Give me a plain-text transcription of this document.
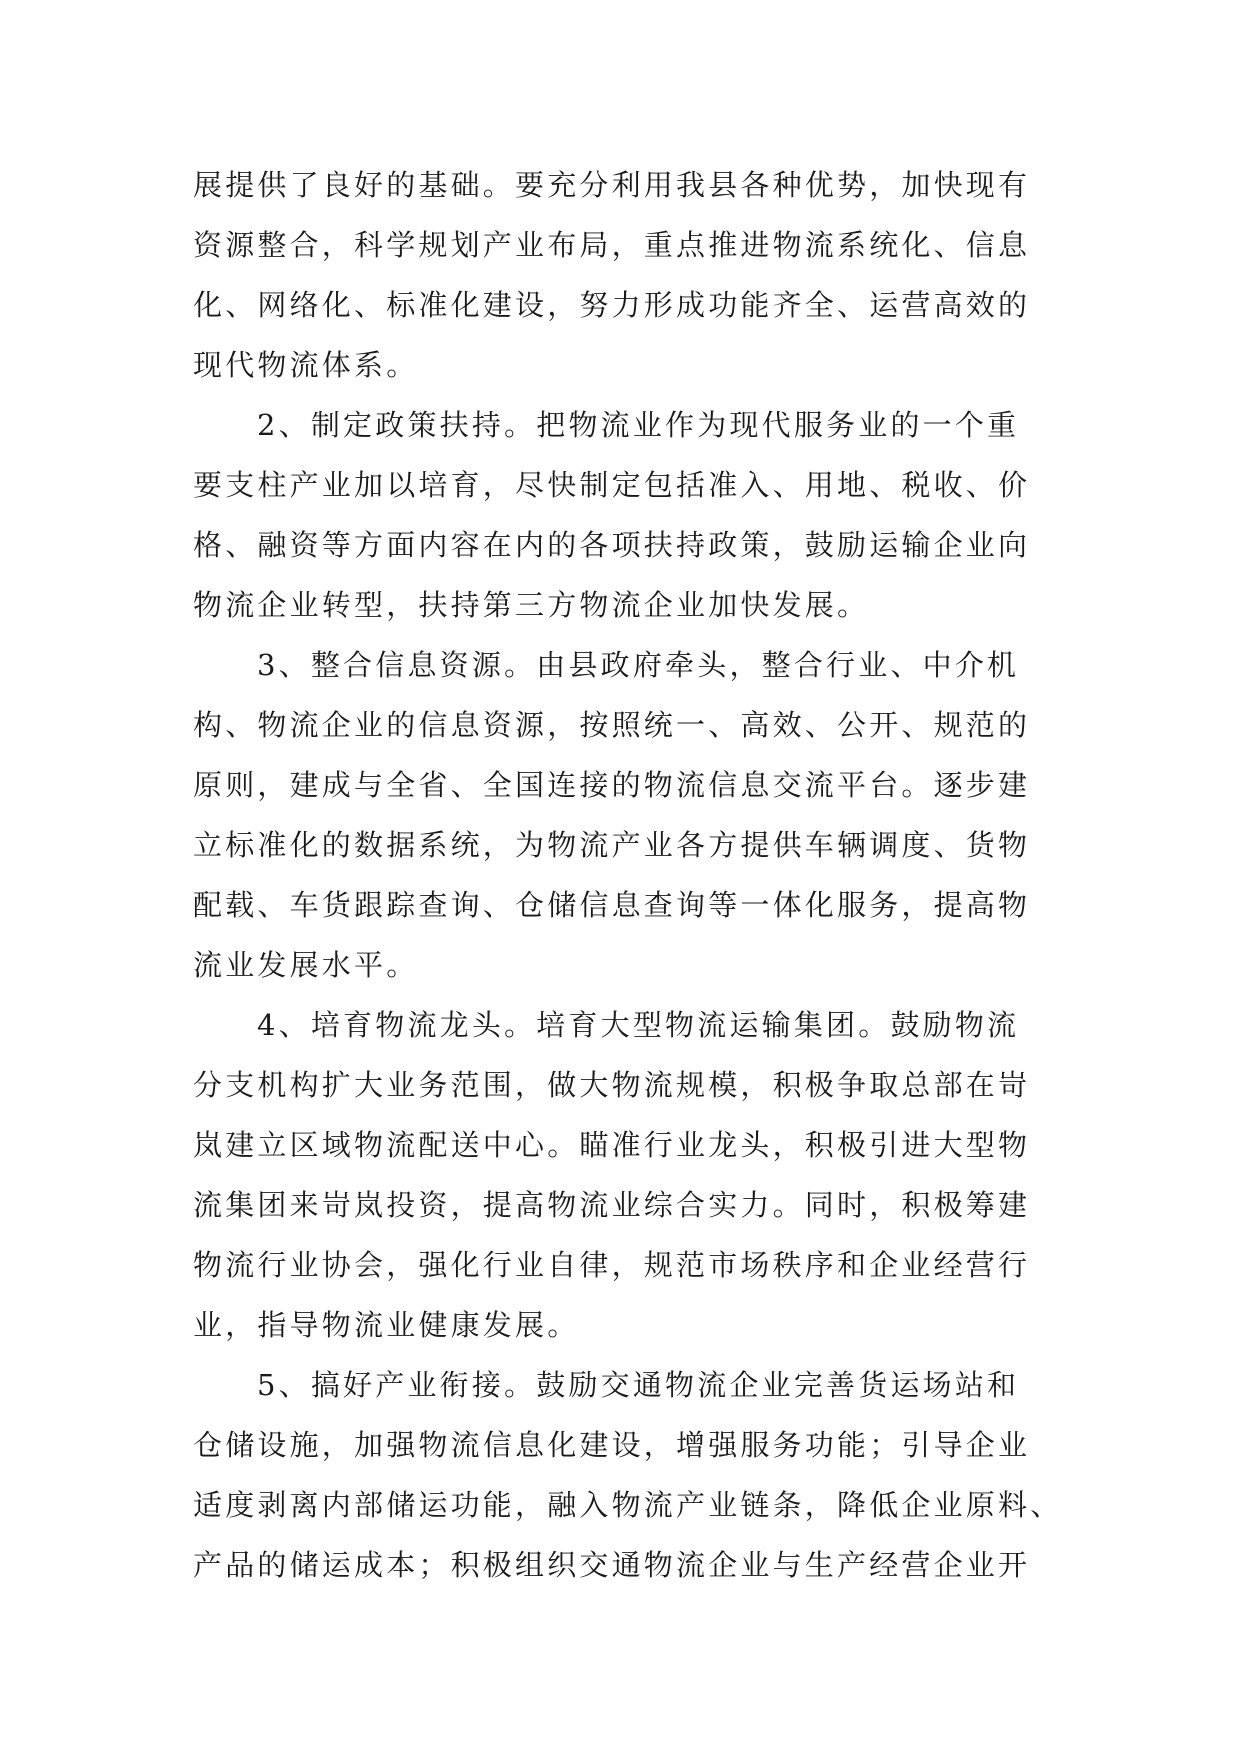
展提供了良好的基础。要充分利用我县各种优势，加快现有
资源整合，科学规划产业布局，重点推进物流系统化、信息
化、网络化、标准化建设，努力形成功能齐全、运营高效的
现代物流体系。
2、制定政策扶持。把物流业作为现代服务业的一个重
要支柱产业加以培育，尽快制定包括准入、用地、税收、价
格、融资等方面内容在内的各项扶持政策，鼓励运输企业向
物流企业转型，扶持第三方物流企业加快发展。
3、整合信息资源。由县政府牵头，整合行业、中介机
构、物流企业的信息资源，按照统一、高效、公开、规范的
原则，建成与全省、全国连接的物流信息交流平台。逐步建
立标准化的数据系统，为物流产业各方提供车辆调度、货物
配载、车货跟踪查询、仓储信息查询等一体化服务，提高物
流业发展水平。
4、培育物流龙头。培育大型物流运输集团。鼓励物流
分支机构扩大业务范围，做大物流规模，积极争取总部在岢
岚建立区域物流配送中心。瞄准行业龙头，积极引进大型物
流集团来岢岚投资，提高物流业综合实力。同时，积极筹建
物流行业协会，强化行业自律，规范市场秩序和企业经营行
业，指导物流业健康发展。
5、搞好产业衔接。鼓励交通物流企业完善货运场站和
仓储设施，加强物流信息化建设，增强服务功能；引导企业
适度剥离内部储运功能，融入物流产业链条，降低企业原料、
产品的储运成本；积极组织交通物流企业与生产经营企业开
